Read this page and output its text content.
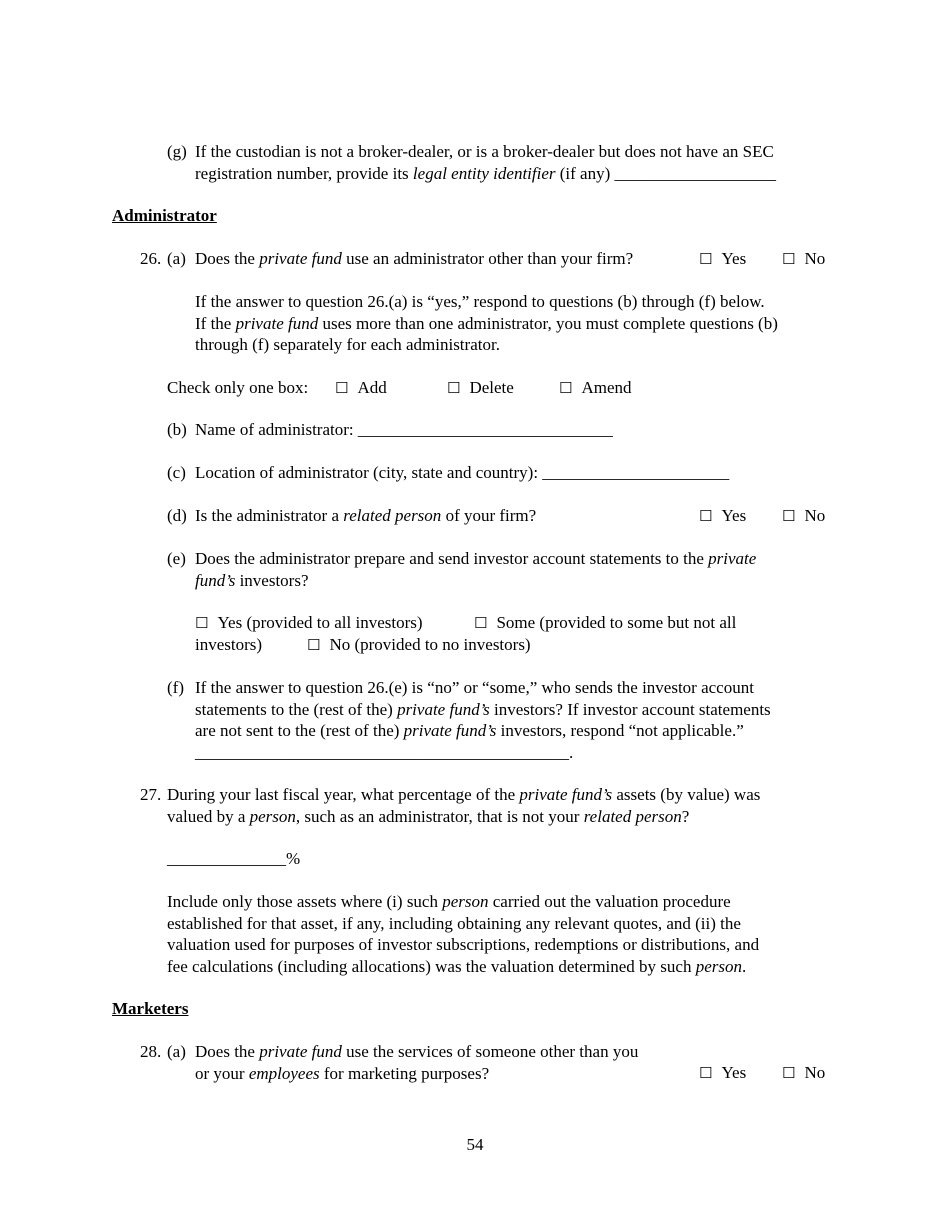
(g) If the custodian is not a broker-dealer, or is a broker-dealer but does not have an SEC
registration number, provide its legal entity identifier (if any) ___________________
Administrator
26. (a) Does the private fund use an administrator other than your firm?	☐ Yes ☐ No
If the answer to question 26.(a) is “yes,” respond to questions (b) through (f) below.
If the private fund uses more than one administrator, you must complete questions (b)
through (f) separately for each administrator.
Check only one box: ☐ Add	☐ Delete	☐ Amend
(b) Name of administrator: ______________________________
(c) Location of administrator (city, state and country): ______________________
(d) Is the administrator a related person of your firm?	☐ Yes ☐ No
(e) Does the administrator prepare and send investor account statements to the private
fund’s investors?
☐ Yes (provided to all investors)	☐ Some (provided to some but not all
investors)	☐ No (provided to no investors)
(f) If the answer to question 26.(e) is “no” or “some,” who sends the investor account
statements to the (rest of the) private fund’s investors? If investor account statements
are not sent to the (rest of the) private fund’s investors, respond “not applicable.”
____________________________________________.
27. During your last fiscal year, what percentage of the private fund’s assets (by value) was
valued by a person, such as an administrator, that is not your related person?
______________%
Include only those assets where (i) such person carried out the valuation procedure
established for that asset, if any, including obtaining any relevant quotes, and (ii) the
valuation used for purposes of investor subscriptions, redemptions or distributions, and
fee calculations (including allocations) was the valuation determined by such person.
Marketers
28. (a) Does the private fund use the services of someone other than you
or your employees for marketing purposes?	☐ Yes ☐ No
54
